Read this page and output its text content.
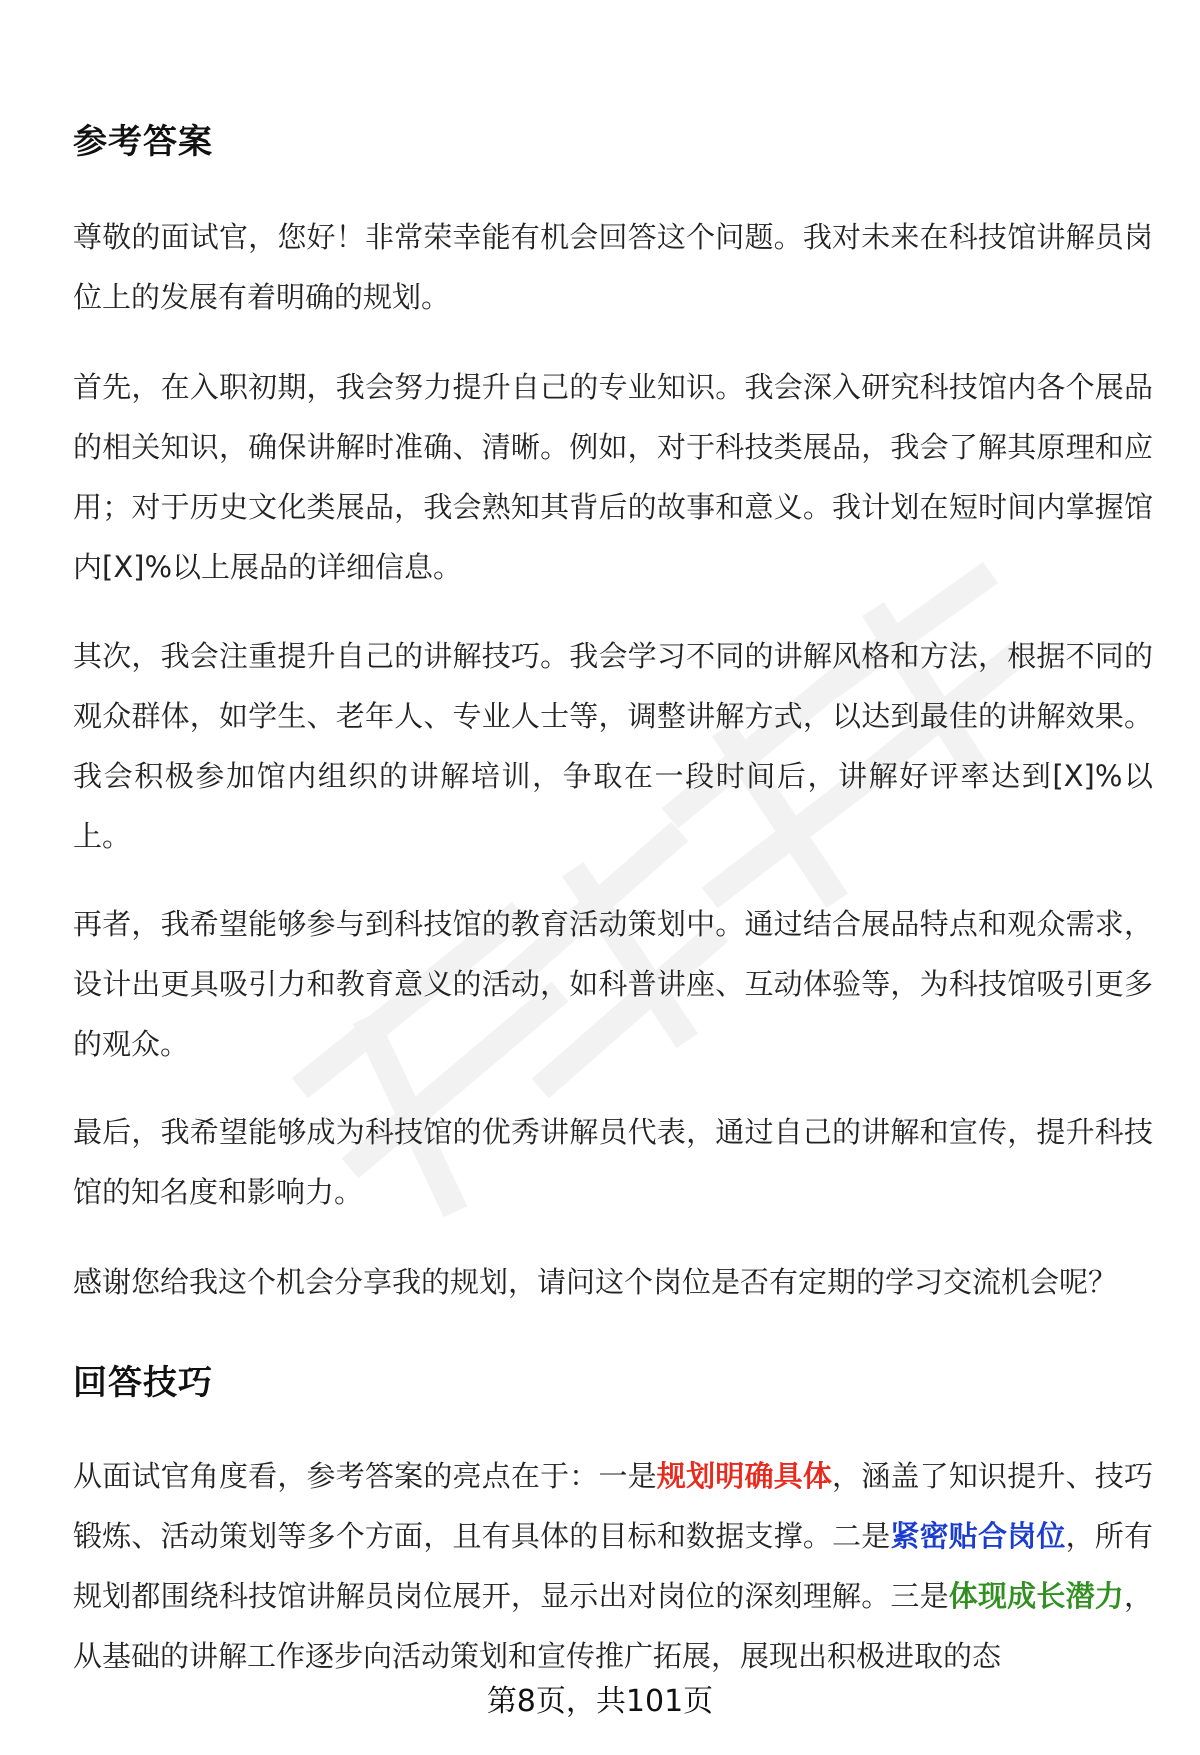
参考答案

尊敬的面试官，您好！非常荣幸能有机会回答这个问题。我对未来在科技馆讲解员岗位上的发展有着明确的规划。

首先，在入职初期，我会努力提升自己的专业知识。我会深入研究科技馆内各个展品的相关知识，确保讲解时准确、清晰。例如，对于科技类展品，我会了解其原理和应用；对于历史文化类展品，我会熟知其背后的故事和意义。我计划在短时间内掌握馆内[X]%以上展品的详细信息。

其次，我会注重提升自己的讲解技巧。我会学习不同的讲解风格和方法，根据不同的观众群体，如学生、老年人、专业人士等，调整讲解方式，以达到最佳的讲解效果。我会积极参加馆内组织的讲解培训，争取在一段时间后，讲解好评率达到[X]%以上。

再者，我希望能够参与到科技馆的教育活动策划中。通过结合展品特点和观众需求，设计出更具吸引力和教育意义的活动，如科普讲座、互动体验等，为科技馆吸引更多的观众。

最后，我希望能够成为科技馆的优秀讲解员代表，通过自己的讲解和宣传，提升科技馆的知名度和影响力。

感谢您给我这个机会分享我的规划，请问这个岗位是否有定期的学习交流机会呢？

回答技巧

从面试官角度看，参考答案的亮点在于：一是规划明确具体，涵盖了知识提升、技巧锻炼、活动策划等多个方面，且有具体的目标和数据支撑。二是紧密贴合岗位，所有规划都围绕科技馆讲解员岗位展开，显示出对岗位的深刻理解。三是体现成长潜力，从基础的讲解工作逐步向活动策划和宣传推广拓展，展现出积极进取的态

第8页，共101页
